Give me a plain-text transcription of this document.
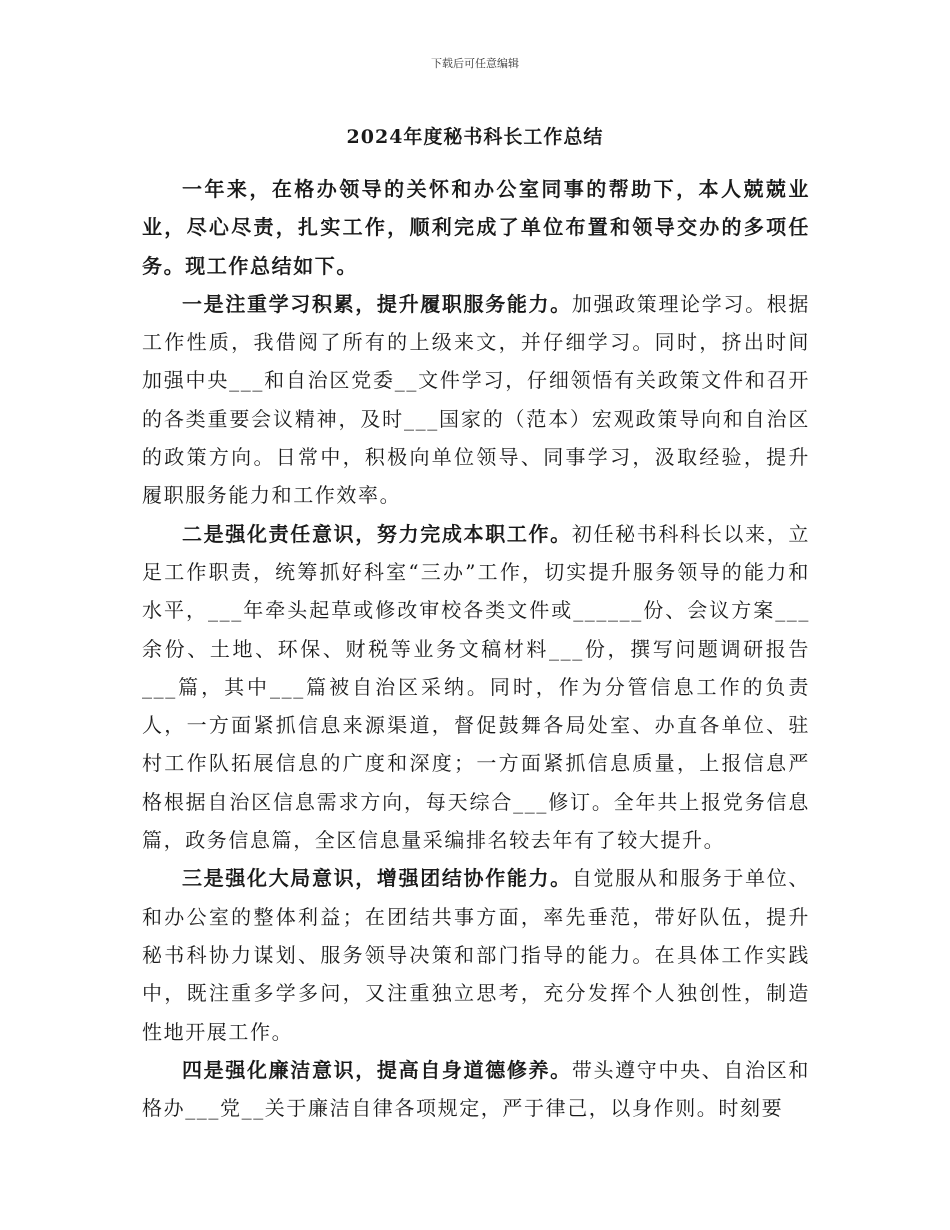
下载后可任意编辑
2024年度秘书科长工作总结

一年来，在格办领导的关怀和办公室同事的帮助下，本人兢兢业业，尽心尽责，扎实工作，顺利完成了单位布置和领导交办的多项任务。现工作总结如下。

一是注重学习积累，提升履职服务能力。加强政策理论学习。根据工作性质，我借阅了所有的上级来文，并仔细学习。同时，挤出时间加强中央___和自治区党委__文件学习，仔细领悟有关政策文件和召开的各类重要会议精神，及时___国家的（范本）宏观政策导向和自治区的政策方向。日常中，积极向单位领导、同事学习，汲取经验，提升履职服务能力和工作效率。

二是强化责任意识，努力完成本职工作。初任秘书科科长以来，立足工作职责，统筹抓好科室“三办”工作，切实提升服务领导的能力和水平，___年牵头起草或修改审校各类文件或______份、会议方案___余份、土地、环保、财税等业务文稿材料___份，撰写问题调研报告___篇，其中___篇被自治区采纳。同时，作为分管信息工作的负责人，一方面紧抓信息来源渠道，督促鼓舞各局处室、办直各单位、驻村工作队拓展信息的广度和深度；一方面紧抓信息质量，上报信息严格根据自治区信息需求方向，每天综合___修订。全年共上报党务信息篇，政务信息篇，全区信息量采编排名较去年有了较大提升。

三是强化大局意识，增强团结协作能力。自觉服从和服务于单位、和办公室的整体利益；在团结共事方面，率先垂范，带好队伍，提升秘书科协力谋划、服务领导决策和部门指导的能力。在具体工作实践中，既注重多学多问，又注重独立思考，充分发挥个人独创性，制造性地开展工作。

四是强化廉洁意识，提高自身道德修养。带头遵守中央、自治区和格办___党__关于廉洁自律各项规定，严于律己，以身作则。时刻要
